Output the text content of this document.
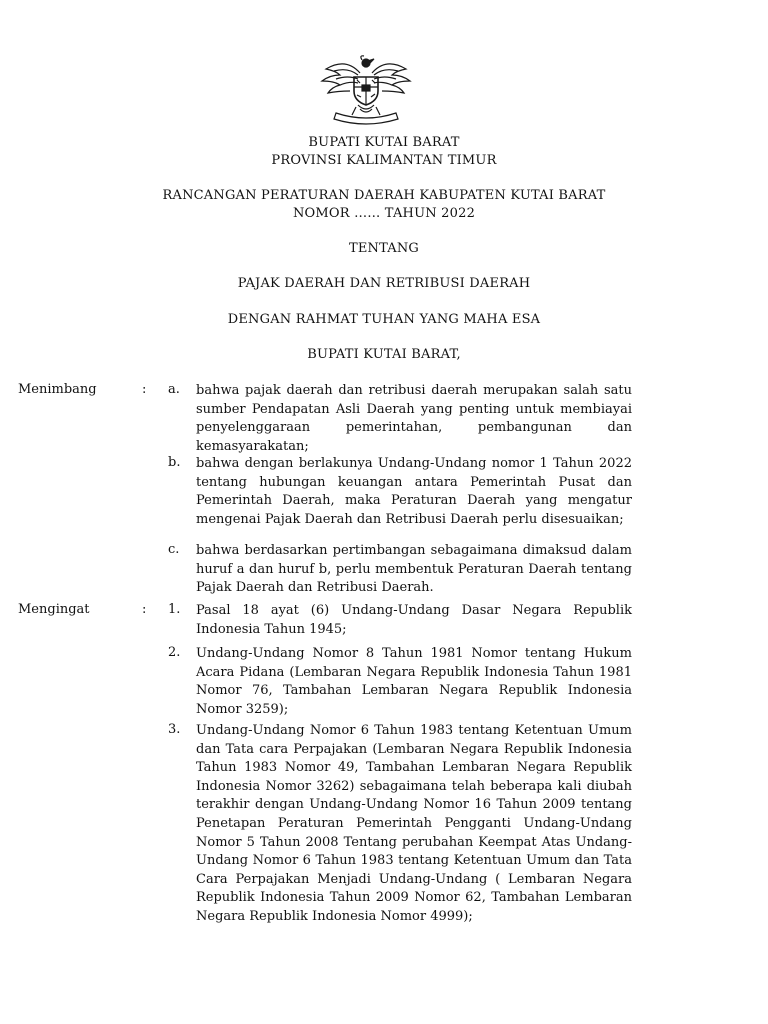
BUPATI KUTAI BARAT
PROVINSI KALIMANTAN TIMUR
RANCANGAN PERATURAN DAERAH KABUPATEN KUTAI BARAT
NOMOR …… TAHUN 2022
TENTANG
PAJAK DAERAH DAN RETRIBUSI DAERAH
DENGAN RAHMAT TUHAN YANG MAHA ESA
BUPATI KUTAI BARAT,
Menimbang	: a. bahwa pajak daerah dan retribusi daerah merupakan salah satu sumber Pendapatan Asli Daerah yang penting untuk membiayai penyelenggaraan pemerintahan, pembangunan dan kemasyarakatan;
b. bahwa dengan berlakunya Undang-Undang nomor 1 Tahun 2022 tentang hubungan keuangan antara Pemerintah Pusat dan Pemerintah Daerah, maka Peraturan Daerah yang mengatur mengenai Pajak Daerah dan Retribusi Daerah perlu disesuaikan;
c. bahwa berdasarkan pertimbangan sebagaimana dimaksud dalam huruf a dan huruf b, perlu membentuk Peraturan Daerah tentang Pajak Daerah dan Retribusi Daerah.
Mengingat	: 1. Pasal 18 ayat (6) Undang-Undang Dasar Negara Republik Indonesia Tahun 1945;
2. Undang-Undang Nomor 8 Tahun 1981 Nomor tentang Hukum Acara Pidana (Lembaran Negara Republik Indonesia Tahun 1981 Nomor 76, Tambahan Lembaran Negara Republik Indonesia Nomor 3259);
3. Undang-Undang Nomor 6 Tahun 1983 tentang Ketentuan Umum dan Tata cara Perpajakan (Lembaran Negara Republik Indonesia Tahun 1983 Nomor 49, Tambahan Lembaran Negara Republik Indonesia Nomor 3262) sebagaimana telah beberapa kali diubah terakhir dengan Undang-Undang Nomor 16 Tahun 2009 tentang Penetapan Peraturan Pemerintah Pengganti Undang-Undang Nomor 5 Tahun 2008 Tentang perubahan Keempat Atas Undang-Undang Nomor 6 Tahun 1983 tentang Ketentuan Umum dan Tata Cara Perpajakan Menjadi Undang-Undang ( Lembaran Negara Republik Indonesia Tahun 2009 Nomor 62, Tambahan Lembaran Negara Republik Indonesia Nomor 4999);
